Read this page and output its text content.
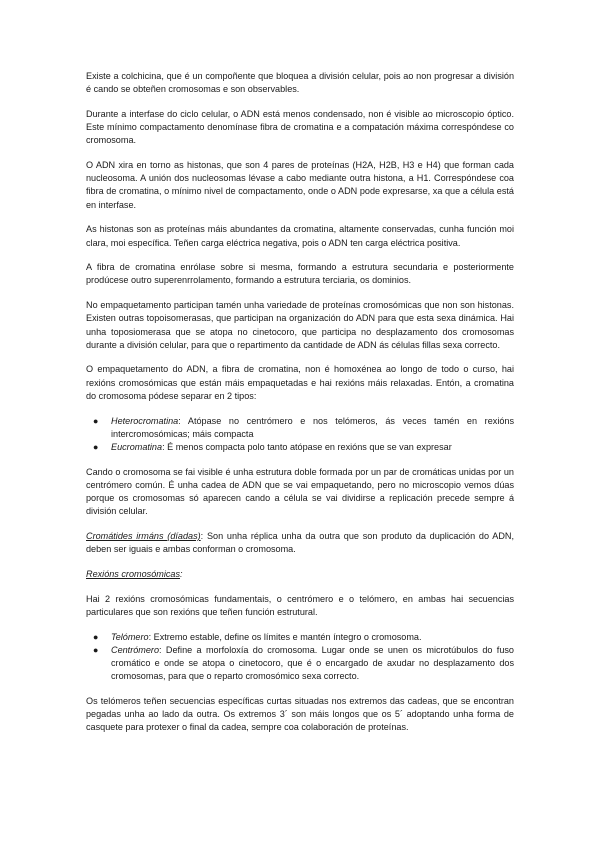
Existe a colchicina, que é un compoñente que bloquea a división celular, pois ao non progresar a división é cando se obteñen cromosomas e son observables.

Durante a interfase do ciclo celular, o ADN está menos condensado, non é visible ao microscopio óptico. Este mínimo compactamento denomínase fibra de cromatina e a compatación máxima correspóndese co cromosoma.

O ADN xira en torno as histonas, que son 4 pares de proteínas (H2A, H2B, H3 e H4) que forman cada nucleosoma. A unión dos nucleosomas lévase a cabo mediante outra histona, a H1. Correspóndese coa fibra de cromatina, o mínimo nivel de compactamento, onde o ADN pode expresarse, xa que a célula está en interfase.

As histonas son as proteínas máis abundantes da cromatina, altamente conservadas, cunha función moi clara, moi específica. Teñen carga eléctrica negativa, pois o ADN ten carga eléctrica positiva.

A fibra de cromatina enrólase sobre si mesma, formando a estrutura secundaria e posteriormente prodúcese outro superenrrolamento, formando a estrutura terciaria, os dominios.

No empaquetamento participan tamén unha variedade de proteínas cromosómicas que non son histonas. Existen outras topoisomerasas, que participan na organización do ADN para que esta sexa dinámica. Hai unha toposiomerasa que se atopa no cinetocoro, que participa no desplazamento dos cromosomas durante a división celular, para que o repartimento da cantidade de ADN ás células fillas sexa correcto.

O empaquetamento do ADN, a fibra de cromatina, non é homoxénea ao longo de todo o curso, hai rexións cromosómicas que están máis empaquetadas e hai rexións máis relaxadas. Entón, a cromatina do cromosoma pódese separar en 2 tipos:

● Heterocromatina: Atópase no centrómero e nos telómeros, ás veces tamén en rexións intercromosómicas; máis compacta
● Eucromatina: É menos compacta polo tanto atópase en rexións que se van expresar

Cando o cromosoma se fai visible é unha estrutura doble formada por un par de cromáticas unidas por un centrómero común. É unha cadea de ADN que se vai empaquetando, pero no microscopio vemos dúas porque os cromosomas só aparecen cando a célula se vai dividirse a replicación precede sempre á división celular.

Cromátides irmáns (díadas): Son unha réplica unha da outra que son produto da duplicación do ADN, deben ser iguais e ambas conforman o cromosoma.

Rexións cromosómicas:

Hai 2 rexións cromosómicas fundamentais, o centrómero e o telómero, en ambas hai secuencias particulares que son rexións que teñen función estrutural.

● Telómero: Extremo estable, define os límites e mantén íntegro o cromosoma.
● Centrómero: Define a morfoloxía do cromosoma. Lugar onde se unen os microtúbulos do fuso cromático e onde se atopa o cinetocoro, que é o encargado de axudar no desplazamento dos cromosomas, para que o reparto cromosómico sexa correcto.

Os telómeros teñen secuencias específicas curtas situadas nos extremos das cadeas, que se encontran pegadas unha ao lado da outra. Os extremos 3´ son máis longos que os 5´ adoptando unha forma de casquete para protexer o final da cadea, sempre coa colaboración de proteínas.
